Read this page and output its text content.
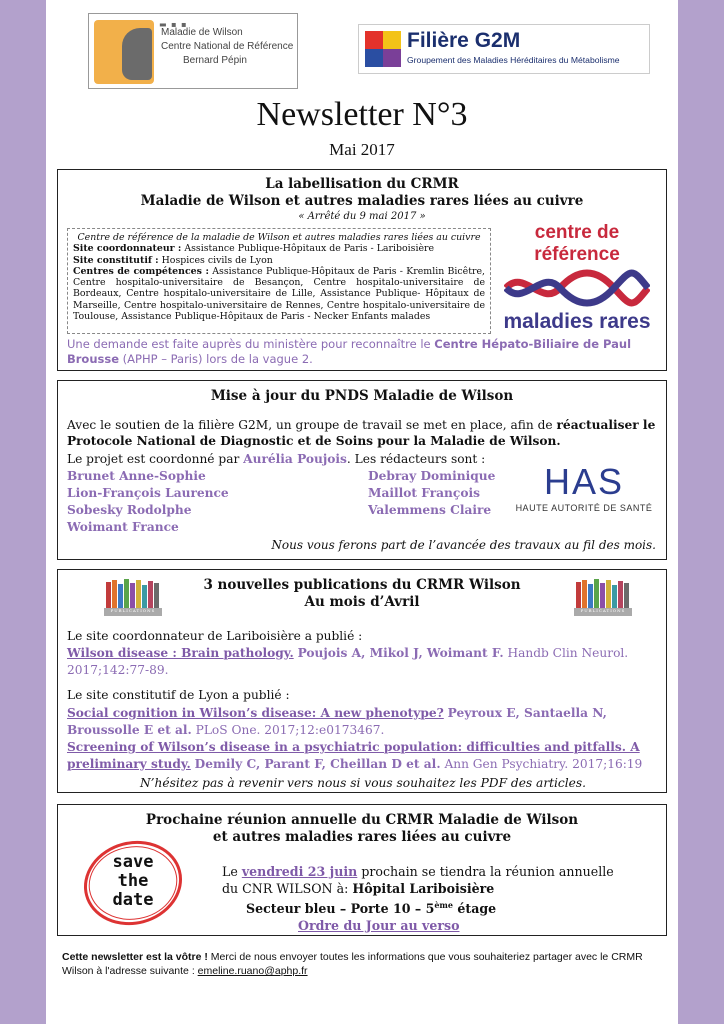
▬ ▪ ▪
Maladie de Wilson
Centre National de Référence
Bernard Pépin
Filière G2M
Groupement des Maladies Héréditaires du Métabolisme
Newsletter N°3
Mai 2017
La labellisation du CRMR
Maladie de Wilson et autres maladies rares liées au cuivre
« Arrêté du 9 mai 2017 »
Centre de référence de la maladie de Wilson et autres maladies rares liées au cuivre
Site coordonnateur : Assistance Publique-Hôpitaux de Paris - Lariboisière
Site constitutif : Hospices civils de Lyon
Centres de compétences : Assistance Publique-Hôpitaux de Paris - Kremlin Bicêtre, Centre hospitalo-universitaire de Besançon, Centre hospitalo-universitaire de Bordeaux, Centre hospitalo-universitaire de Lille, Assistance Publique- Hôpitaux de Marseille, Centre hospitalo-universitaire de Rennes, Centre hospitalo-universitaire de Toulouse, Assistance Publique-Hôpitaux de Paris - Necker Enfants malades
centre de référence
maladies rares
Une demande est faite auprès du ministère pour reconnaître le Centre Hépato-Biliaire de Paul Brousse (APHP – Paris) lors de la vague 2.
Mise à jour du PNDS Maladie de Wilson
Avec le soutien de la filière G2M, un groupe de travail se met en place, afin de réactualiser le Protocole National de Diagnostic et de Soins pour la Maladie de Wilson.
Le projet est coordonné par Aurélia Poujois. Les rédacteurs sont :
Brunet Anne-Sophie
Lion-François Laurence
Sobesky Rodolphe
Woimant France
Debray Dominique
Maillot François
Valemmens Claire
HAS
HAUTE AUTORITÉ DE SANTÉ
Nous vous ferons part de l’avancée des travaux au fil des mois.
PUBLICATIONS	PUBLICATIONS
3 nouvelles publications du CRMR Wilson
Au mois d’Avril
Le site coordonnateur de Lariboisière a publié :
Wilson disease : Brain pathology. Poujois A, Mikol J, Woimant F. Handb Clin Neurol. 2017;142:77-89.
Le site constitutif de Lyon a publié :
Social cognition in Wilson’s disease: A new phenotype? Peyroux E, Santaella N, Broussolle E et al. PLoS One. 2017;12:e0173467.
Screening of Wilson’s disease in a psychiatric population: difficulties and pitfalls. A preliminary study. Demily C, Parant F, Cheillan D et al. Ann Gen Psychiatry. 2017;16:19
N’hésitez pas à revenir vers nous si vous souhaitez les PDF des articles.
Prochaine réunion annuelle du CRMR Maladie de Wilson
et autres maladies rares liées au cuivre
save
the
date
Le vendredi 23 juin prochain se tiendra la réunion annuelle
du CNR WILSON à: Hôpital Lariboisière
Secteur bleu – Porte 10 – 5ème étage
Ordre du Jour au verso
Cette newsletter est la vôtre ! Merci de nous envoyer toutes les informations que vous souhaiteriez partager avec le CRMR Wilson à l'adresse suivante : emeline.ruano@aphp.fr
